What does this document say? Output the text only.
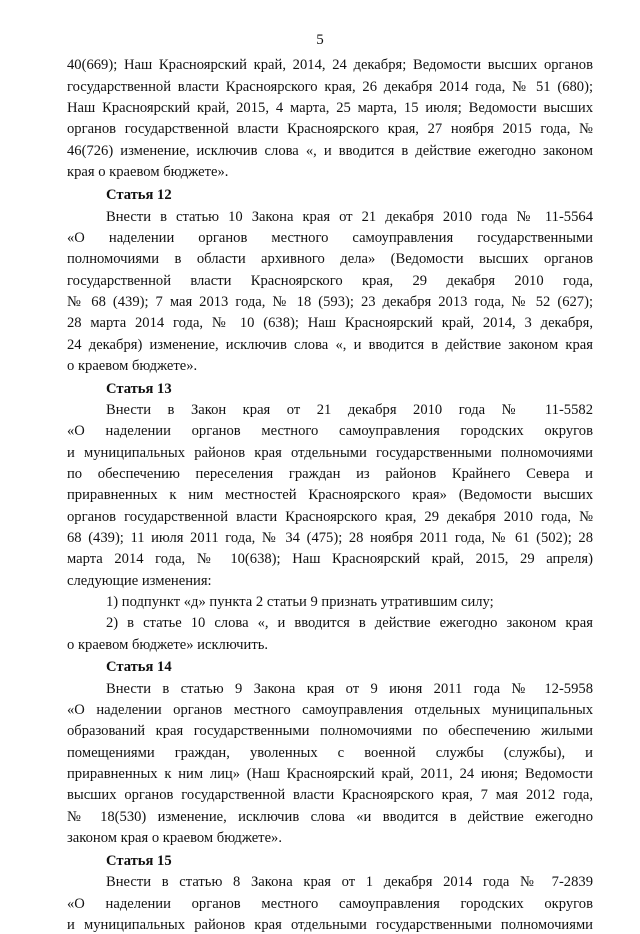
5
40(669); Наш Красноярский край, 2014, 24 декабря; Ведомости высших органов
государственной власти Красноярского края, 26 декабря 2014 года, № 51 (680);
Наш Красноярский край, 2015, 4 марта, 25 марта, 15 июля; Ведомости высших
органов государственной власти Красноярского края, 27 ноября 2015 года, №
46(726) изменение, исключив слова «, и вводится в действие ежегодно законом
края о краевом бюджете».
Статья 12
Внести в статью 10 Закона края от 21 декабря 2010 года № 11-5564
«О наделении органов местного самоуправления государственными
полномочиями в области архивного дела» (Ведомости высших органов
государственной власти Красноярского края, 29 декабря 2010 года,
№ 68 (439); 7 мая 2013 года, № 18 (593); 23 декабря 2013 года, № 52 (627);
28 марта 2014 года, № 10 (638); Наш Красноярский край, 2014, 3 декабря,
24 декабря) изменение, исключив слова «, и вводится в действие законом края
о краевом бюджете».
Статья 13
Внести в Закон края от 21 декабря 2010 года № 11-5582
«О наделении органов местного самоуправления городских округов
и муниципальных районов края отдельными государственными полномочиями
по обеспечению переселения граждан из районов Крайнего Севера и
приравненных к ним местностей Красноярского края» (Ведомости высших
органов государственной власти Красноярского края, 29 декабря 2010 года, №
68 (439); 11 июля 2011 года, № 34 (475); 28 ноября 2011 года, № 61 (502); 28
марта 2014 года, № 10(638); Наш Красноярский край, 2015, 29 апреля)
следующие изменения:
1) подпункт «д» пункта 2 статьи 9 признать утратившим силу;
2) в статье 10 слова «, и вводится в действие ежегодно законом края
о краевом бюджете» исключить.
Статья 14
Внести в статью 9 Закона края от 9 июня 2011 года № 12-5958
«О наделении органов местного самоуправления отдельных муниципальных
образований края государственными полномочиями по обеспечению жилыми
помещениями граждан, уволенных с военной службы (службы), и
приравненных к ним лиц» (Наш Красноярский край, 2011, 24 июня; Ведомости
высших органов государственной власти Красноярского края, 7 мая 2012 года,
№ 18(530) изменение, исключив слова «и вводится в действие ежегодно
законом края о краевом бюджете».
Статья 15
Внести в статью 8 Закона края от 1 декабря 2014 года № 7-2839
«О наделении органов местного самоуправления городских округов
и муниципальных районов края отдельными государственными полномочиями
